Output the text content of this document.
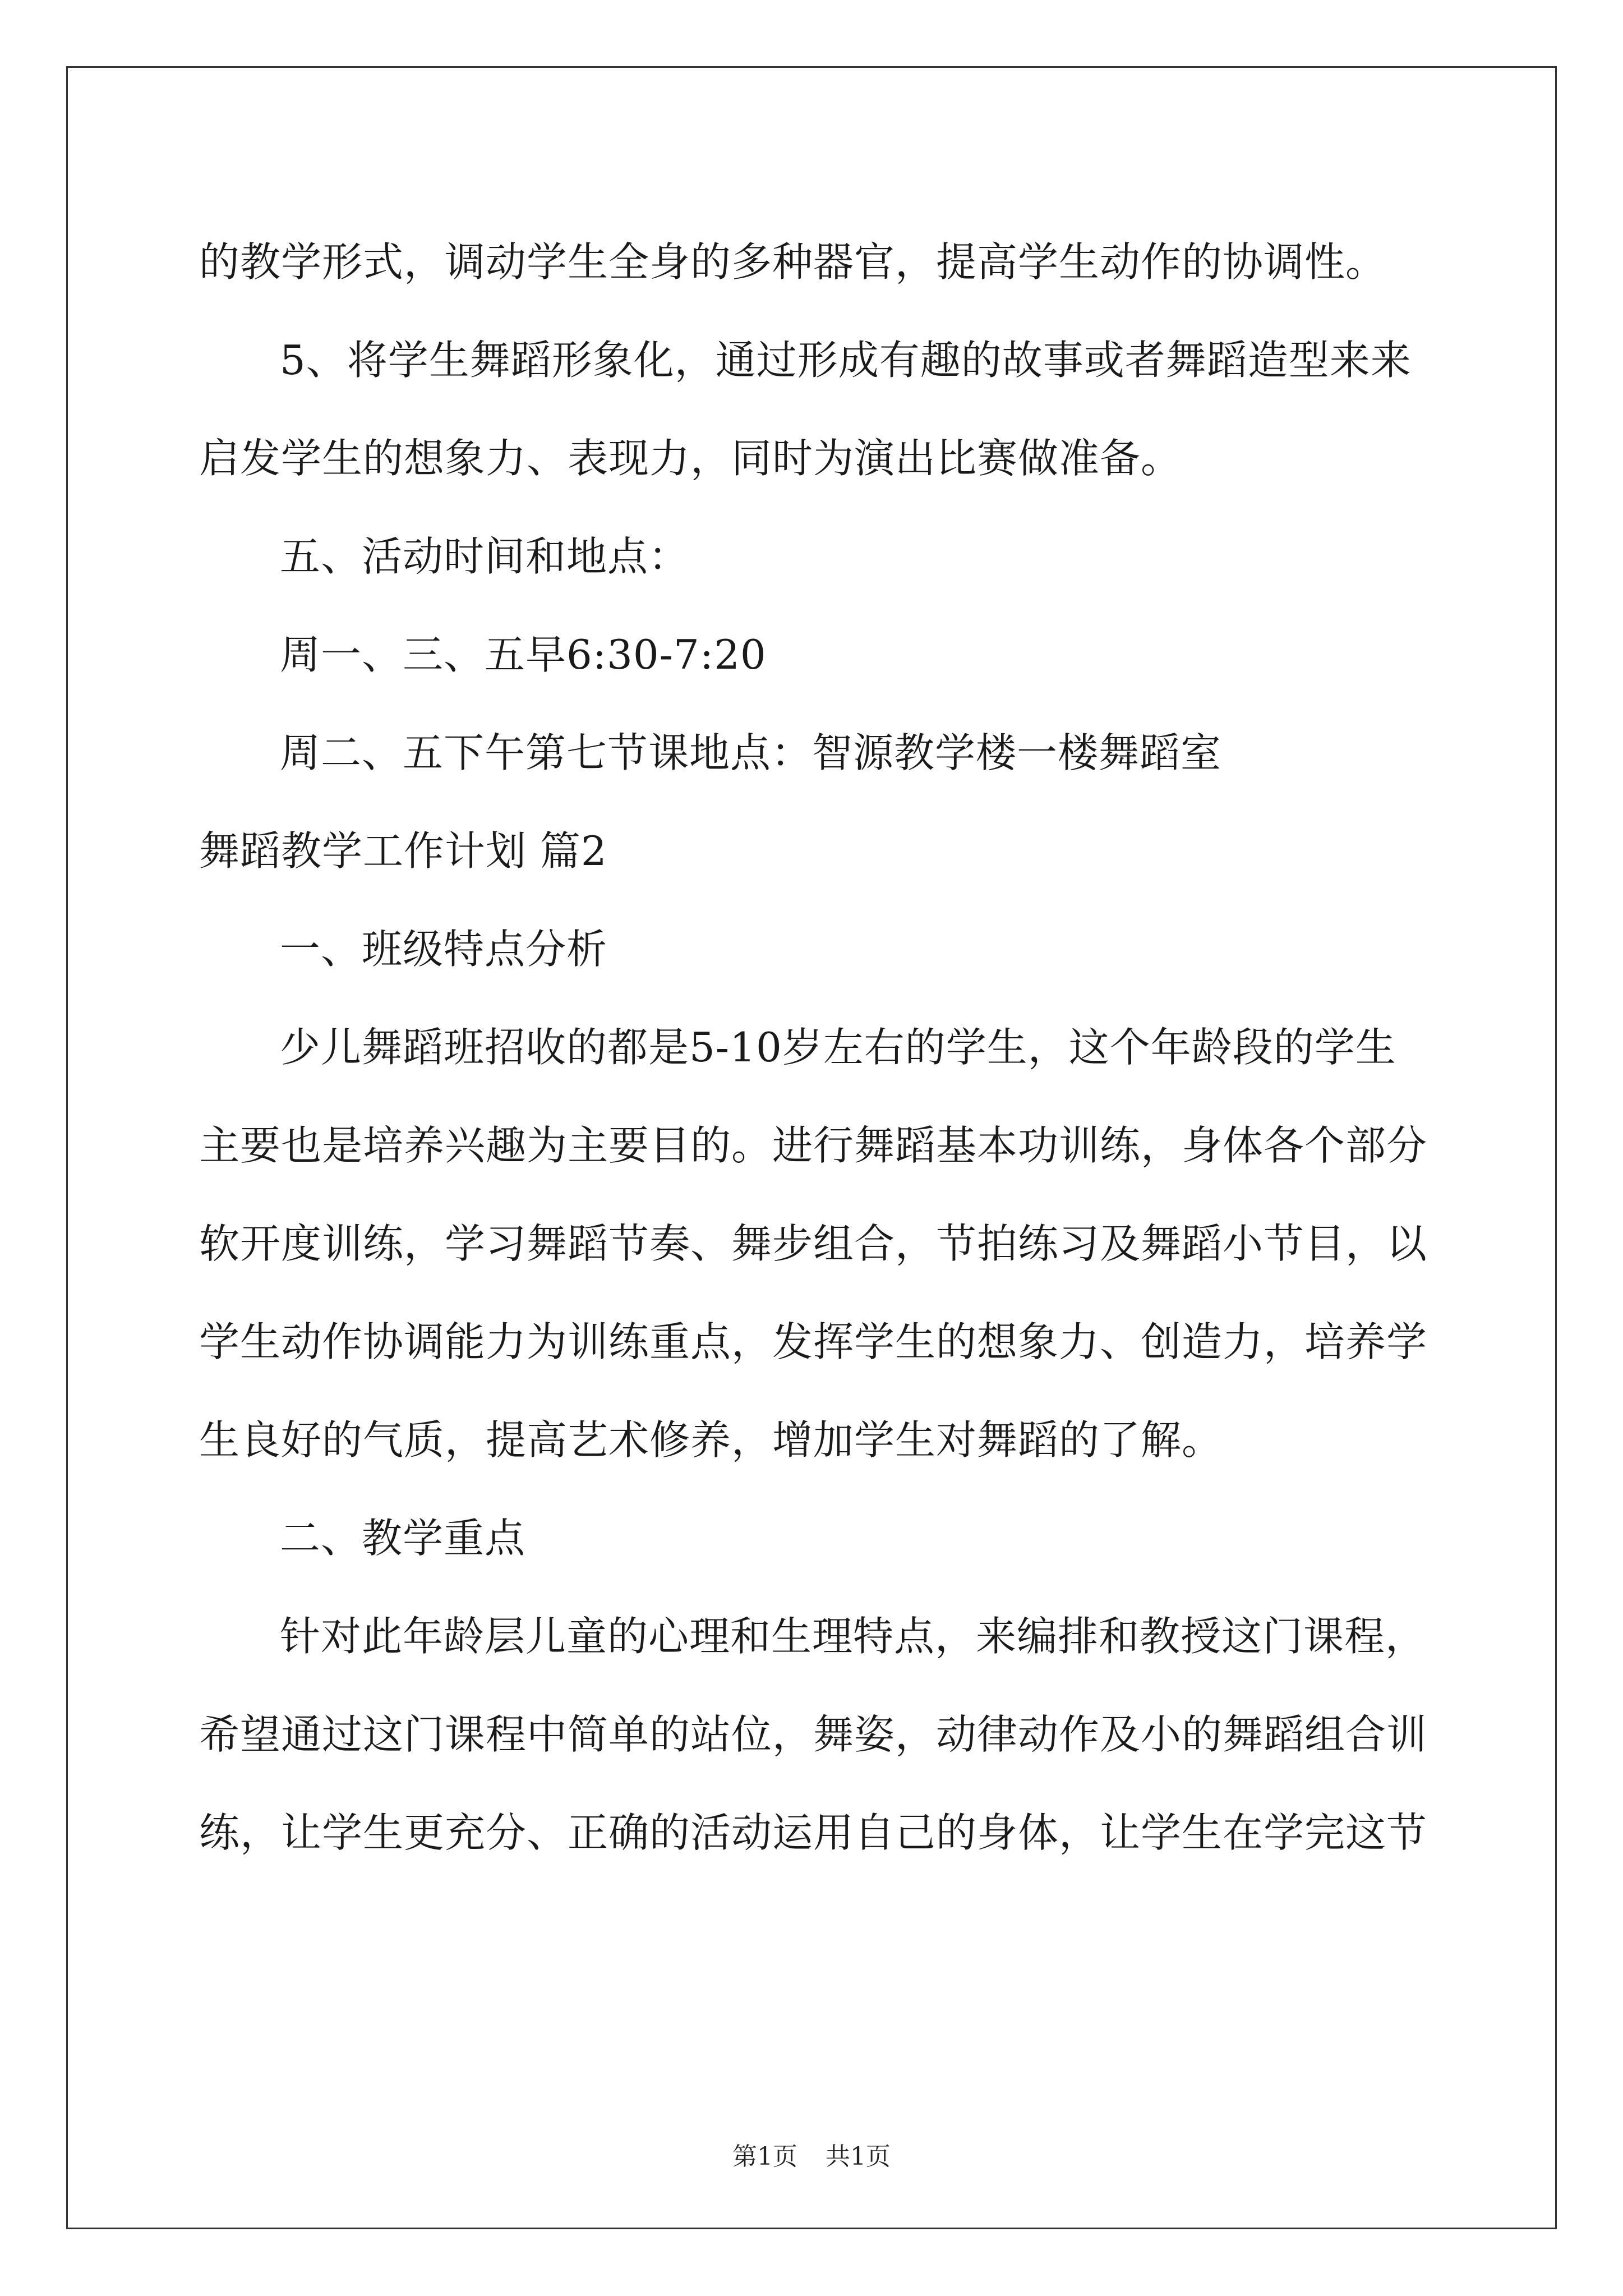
的教学形式，调动学生全身的多种器官，提高学生动作的协调性。

5、将学生舞蹈形象化，通过形成有趣的故事或者舞蹈造型来来启发学生的想象力、表现力，同时为演出比赛做准备。

五、活动时间和地点：

周一、三、五早6:30-7:20

周二、五下午第七节课地点：智源教学楼一楼舞蹈室

舞蹈教学工作计划 篇2

一、班级特点分析

少儿舞蹈班招收的都是5-10岁左右的学生，这个年龄段的学生主要也是培养兴趣为主要目的。进行舞蹈基本功训练，身体各个部分软开度训练，学习舞蹈节奏、舞步组合，节拍练习及舞蹈小节目，以学生动作协调能力为训练重点，发挥学生的想象力、创造力，培养学生良好的气质，提高艺术修养，增加学生对舞蹈的了解。

二、教学重点

针对此年龄层儿童的心理和生理特点，来编排和教授这门课程，希望通过这门课程中简单的站位，舞姿，动律动作及小的舞蹈组合训练，让学生更充分、正确的活动运用自己的身体，让学生在学完这节

第1页 共1页
